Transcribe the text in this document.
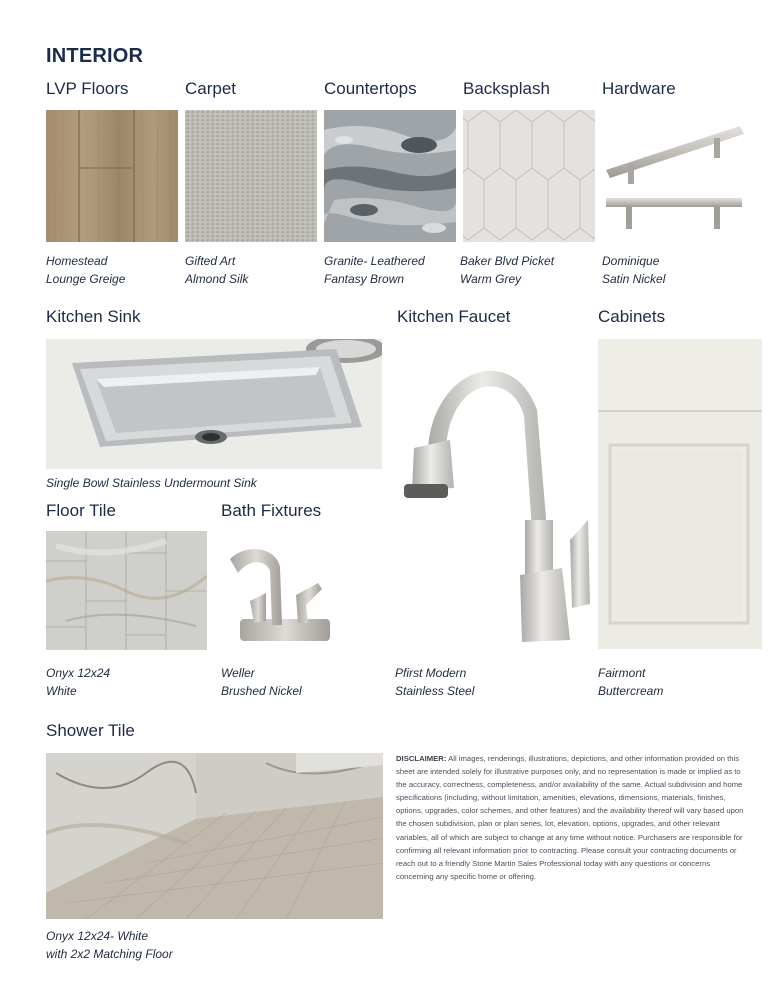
INTERIOR
LVP Floors	Carpet	Countertops	Backsplash	Hardware
Homestead
Lounge Greige
Gifted Art
Almond Silk
Granite- Leathered
Fantasy Brown
Baker Blvd Picket
Warm Grey
Dominique
Satin Nickel
Kitchen Sink	Kitchen Faucet	Cabinets
Single Bowl Stainless Undermount Sink
Floor Tile	Bath Fixtures
Onyx 12x24
White
Weller
Brushed Nickel
Pfirst Modern
Stainless Steel
Fairmont
Buttercream
Shower Tile
Onyx 12x24- White
with 2x2 Matching Floor
DISCLAIMER: All images, renderings, illustrations, depictions, and other information provided on this sheet are intended solely for illustrative purposes only, and no representation is made or implied as to the accuracy, correctness, completeness, and/or availability of the same. Actual subdivision and home specifications (including, without limitation, amenities, elevations, dimensions, materials, finishes, options, upgrades, color schemes, and other features) and the availability thereof will vary based upon the chosen subdivision, plan or plan series, lot, elevation, options, upgrades, and other relevant variables, all of which are subject to change at any time without notice. Purchasers are responsible for confirming all relevant information prior to contracting. Please consult your contracting documents or reach out to a friendly Stone Martin Sales Professional today with any questions or concerns concerning any specific home or offering.
